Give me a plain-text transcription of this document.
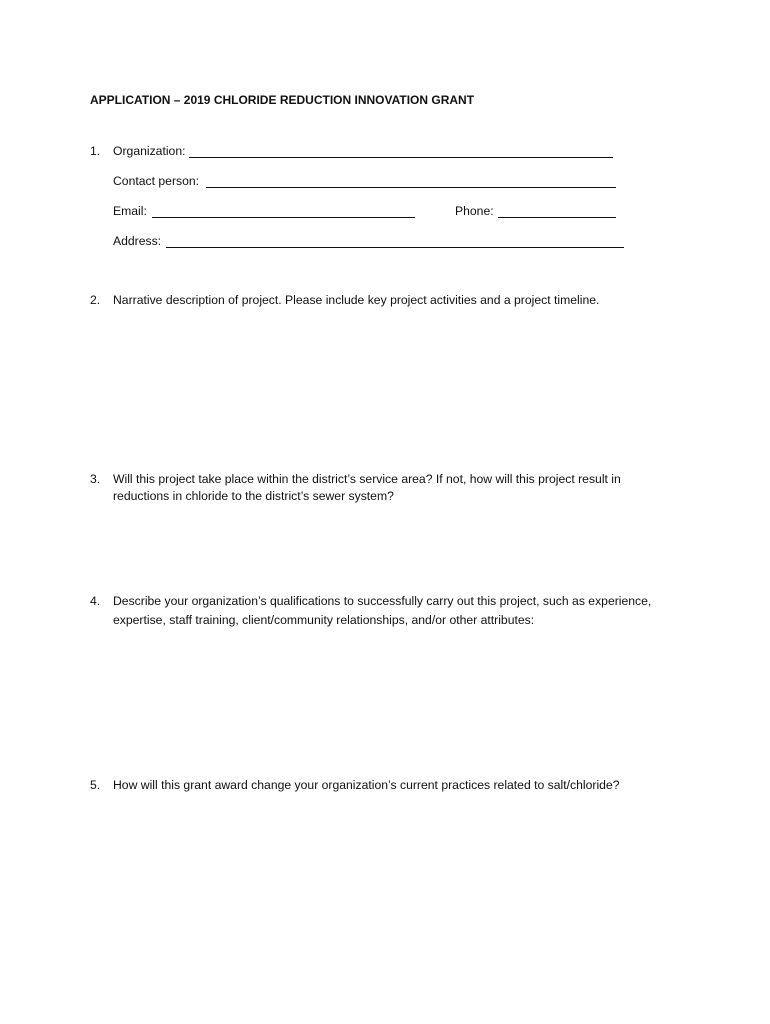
APPLICATION – 2019 CHLORIDE REDUCTION INNOVATION GRANT
1. Organization:
Contact person:
Email:	Phone:
Address:
2. Narrative description of project. Please include key project activities and a project timeline.
3. Will this project take place within the district’s service area? If not, how will this project result in
reductions in chloride to the district’s sewer system?
4. Describe your organization’s qualifications to successfully carry out this project, such as experience,
expertise, staff training, client/community relationships, and/or other attributes:
5. How will this grant award change your organization’s current practices related to salt/chloride?
